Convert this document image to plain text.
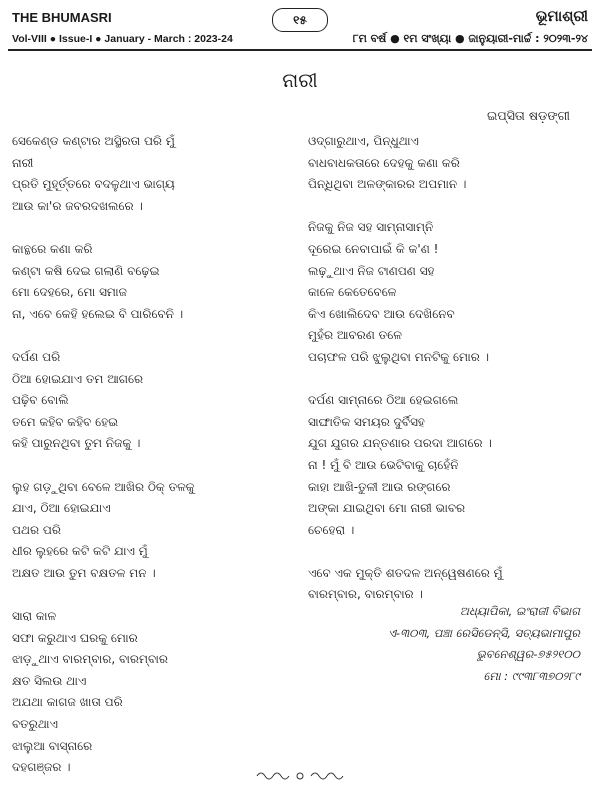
THE BHUMASRI	୧୫	ଭୂମାଶ୍ରୀ
Vol-VIII ● Issue-I ● January - March : 2023-24	୮ମ ବର୍ଷ ● ୧ମ ସଂଖ୍ୟା ● ଜାନୁୟାରୀ-ମାର୍ଚ୍ଚ : ୨୦୨୩-୨୪
ନାରୀ
ଇପ୍‌ସିତା ଷଡ଼ଙ୍ଗୀ
ସେକେଣ୍ଡ କଣ୍ଟାର ଅସ୍ଥିରତା ପରି ମୁଁ
ନାରୀ
ପ୍ରତି ମୁହୂର୍ତ୍ତରେ ବଦଳୁଥାଏ ଭାଗ୍ୟ
ଆଉ କା'ର ଜବରଦଖଲରେ ।
କାନ୍ଥରେ କଣା କରି
କଣ୍ଟା କଷି ଦେଇ ଗଲାଣି ବଢ଼େଇ
ମୋ ଦେହରେ, ମୋ ସମାଜ
ନା, ଏବେ କେହି ହଲେଇ ବି ପାରିବେନି ।
ଦର୍ପଣ ପରି
ଠିଆ ହୋଇଯାଏ ତମ ଆଗରେ
ପଢ଼ିବ ବୋଲି
ତମେ କହିବ କହିବ ହେଇ
କହି ପାରୁନଥିବା ତୁମ ନିଜକୁ ।
ଲୁହ ଗଡ଼ୁଥିବା ବେଳେ ଆଖିର ଠିକ୍ ତଳକୁ
ଯାଏ, ଠିଆ ହୋଇଯାଏ
ପଥର ପରି
ଧୀର ଲୁହରେ କଟି କଟି ଯାଏ ମୁଁ
ଅକ୍ଷତ ଆଉ ତୁମ ବକ୍ଷତଳ ମନ ।
ସାରା କାଳ
ସଫା କରୁଥାଏ ଘରକୁ ମୋର
ଝାଡ଼ୁଥାଏ ବାରମ୍ବାର, ବାରମ୍ବାର
କ୍ଷତ ସିଲଉ ଥାଏ
ଅଯଥା କାଗଜ ଖାତା ପରି
ବତରୁଥାଏ
ଝାଲୁଆ ବାସ୍ନାରେ
ଦହଗଞ୍ଜର ।
ଓଦ୍ଗାରୁଥାଏ, ପିନ୍ଧୁଥାଏ
ବାଧବାଧକତାରେ ଦେହକୁ କଣା କରି
ପିନ୍ଧିଥିବା ଅଳଙ୍କାରର ଅପମାନ ।
ନିଜକୁ ନିଜ ସହ ସାମ୍ନାସାମ୍ନି
ଦୂରେଇ ନେବାପାଇଁ କି କ'ଣ !
ଲଢ଼ୁଥାଏ ନିଜ ଟାଣପଣ ସହ
କାଳେ କେତେବେଳେ
କିଏ ଖୋଲିଦେବ ଆଉ ଦେଖିନେବ
ମୁହଁର ଆବରଣ ତଳେ
ପଚାଫଳ ପରି ଝୁଲୁଥିବା ମନଟିକୁ ମୋର ।
ଦର୍ପଣ ସାମ୍ନାରେ ଠିଆ ହେଇଗଲେ
ସାଙ୍ଘାତିକ ସମୟର ଦୁର୍ବିସହ
ଯୁଗ ଯୁଗର ଯନ୍ତଣାର ପରଦା ଆଗରେ ।
ନା ! ମୁଁ ବି ଆଉ ଭେଟିବାକୁ ଚାହେଁନି
କାହା ଆଖି-ତୁଳୀ ଆଉ ରଙ୍ଗରେ
ଅଙ୍କା ଯାଇଥିବା ମୋ ନାରୀ ଭାବର
ଚେହେରା ।
ଏବେ ଏକ ମୁକ୍ତି ଶତଦଳ ଅନ୍ୱେଷଣରେ ମୁଁ
ବାରମ୍ବାର, ବାରମ୍ବାର ।
ଅଧ୍ୟାପିକା, ଇଂରାଜୀ ବିଭାଗ
ଏ-୩୦୩, ପଞ୍ଚା ରେସିଡେନ୍ସି, ସତ୍ୟଭାମାପୁର
ଭୁବନେଶ୍ୱର-୭୫୨୧୦୦
ମୋ : ୯୯୩୮୩୭୦୨୮୯
